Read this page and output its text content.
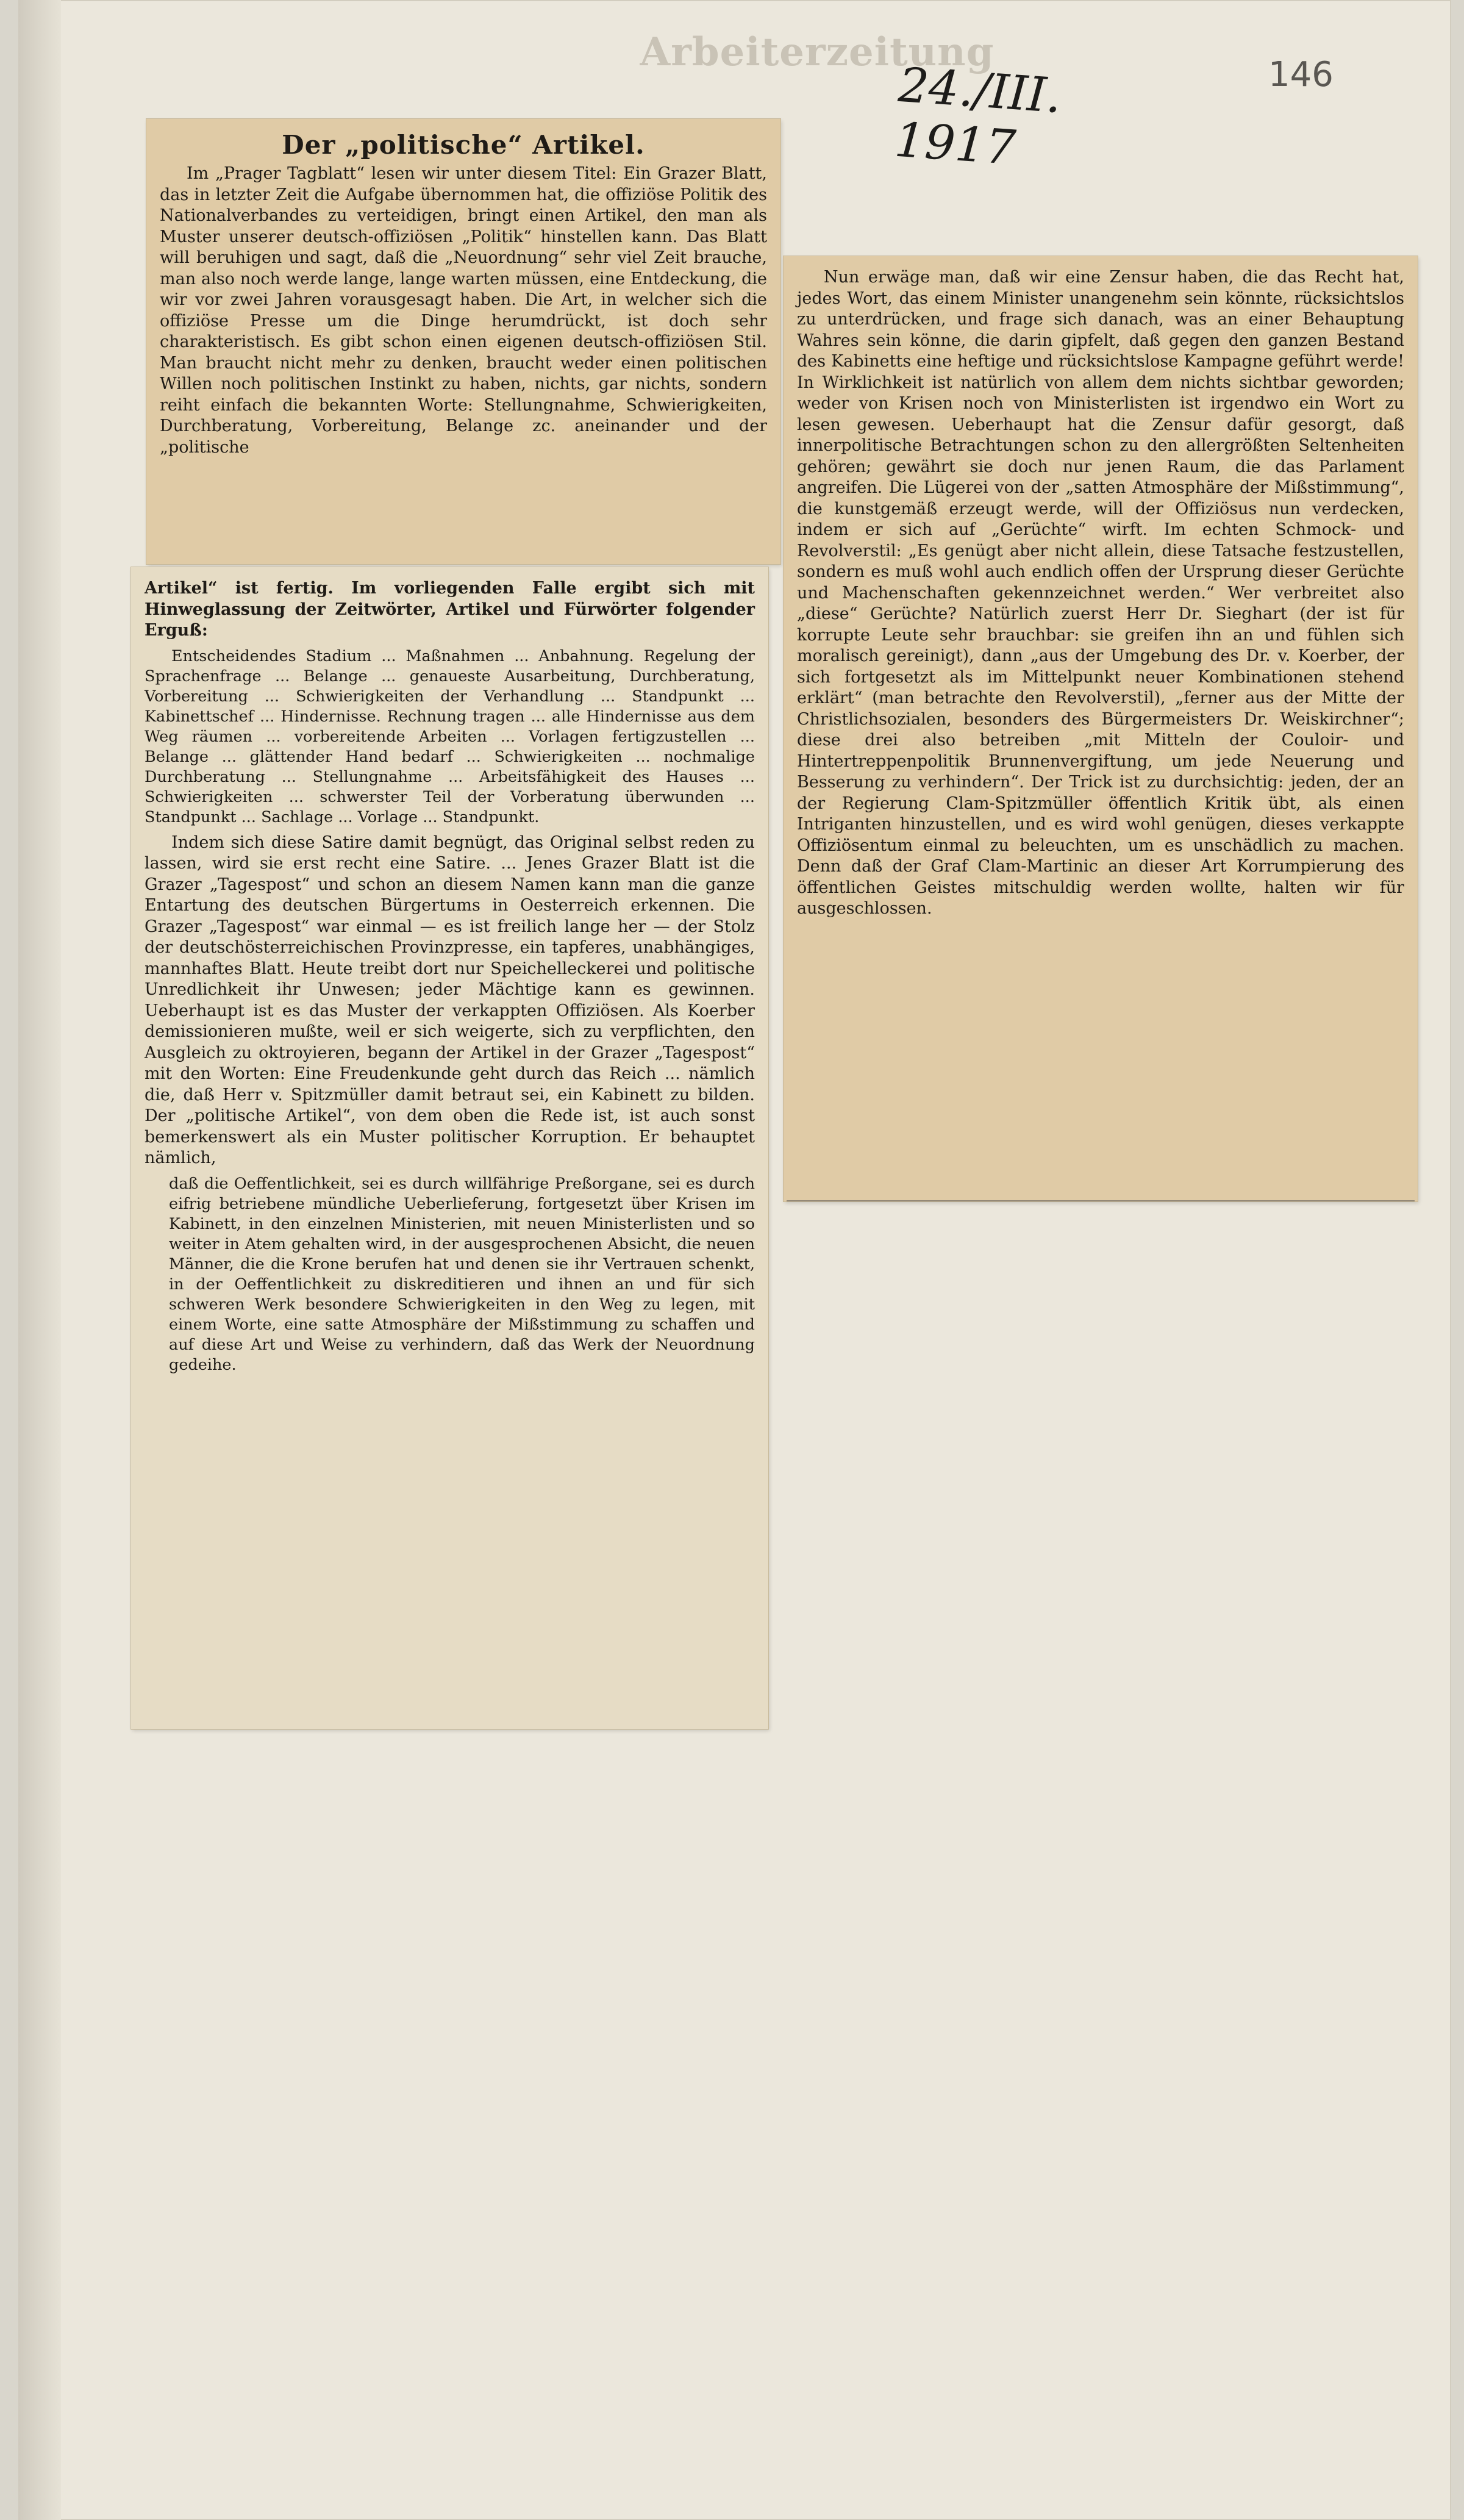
Arbeiterzeitung
24./III. 1917
146
Der „politische“ Artikel.

Im „Prager Tagblatt“ lesen wir unter diesem Titel: Ein Grazer Blatt, das in letzter Zeit die Aufgabe übernommen hat, die offiziöse Politik des Nationalverbandes zu verteidigen, bringt einen Artikel, den man als Muster unserer deutsch-offiziösen „Politik“ hinstellen kann. Das Blatt will beruhigen und sagt, daß die „Neuordnung“ sehr viel Zeit brauche, man also noch werde lange, lange warten müssen, eine Entdeckung, die wir vor zwei Jahren vorausgesagt haben. Die Art, in welcher sich die offiziöse Presse um die Dinge herumdrückt, ist doch sehr charakteristisch. Es gibt schon einen eigenen deutsch-offiziösen Stil. Man braucht nicht mehr zu denken, braucht weder einen politischen Willen noch politischen Instinkt zu haben, nichts, gar nichts, sondern reiht einfach die bekannten Worte: Stellungnahme, Schwierigkeiten, Durchberatung, Vorbereitung, Belange zc. aneinander und der „politische

Artikel“ ist fertig. Im vorliegenden Falle ergibt sich mit Hinweglassung der Zeitwörter, Artikel und Fürwörter folgender Erguß:

Entscheidendes Stadium ... Maßnahmen ... Anbahnung. Regelung der Sprachenfrage ... Belange ... genaueste Ausarbeitung, Durchberatung, Vorbereitung ... Schwierigkeiten der Verhandlung ... Standpunkt ... Kabinettschef ... Hindernisse. Rechnung tragen ... alle Hindernisse aus dem Weg räumen ... vorbereitende Arbeiten ... Vorlagen fertigzustellen ... Belange ... glättender Hand bedarf ... Schwierigkeiten ... nochmalige Durchberatung ... Stellungnahme ... Arbeitsfähigkeit des Hauses ... Schwierigkeiten ... schwerster Teil der Vorberatung überwunden ... Standpunkt ... Sachlage ... Vorlage ... Standpunkt.

Indem sich diese Satire damit begnügt, das Original selbst reden zu lassen, wird sie erst recht eine Satire. ... Jenes Grazer Blatt ist die Grazer „Tagespost“ und schon an diesem Namen kann man die ganze Entartung des deutschen Bürgertums in Oesterreich erkennen. Die Grazer „Tagespost“ war einmal — es ist freilich lange her — der Stolz der deutschösterreichischen Provinzpresse, ein tapferes, unabhängiges, mannhaftes Blatt. Heute treibt dort nur Speichelleckerei und politische Unredlichkeit ihr Unwesen; jeder Mächtige kann es gewinnen. Ueberhaupt ist es das Muster der verkappten Offiziösen. Als Koerber demissionieren mußte, weil er sich weigerte, sich zu verpflichten, den Ausgleich zu oktroyieren, begann der Artikel in der Grazer „Tagespost“ mit den Worten: Eine Freudenkunde geht durch das Reich ... nämlich die, daß Herr v. Spitzmüller damit betraut sei, ein Kabinett zu bilden. Der „politische Artikel“, von dem oben die Rede ist, ist auch sonst bemerkenswert als ein Muster politischer Korruption. Er behauptet nämlich,

daß die Oeffentlichkeit, sei es durch willfährige Preßorgane, sei es durch eifrig betriebene mündliche Ueberlieferung, fortgesetzt über Krisen im Kabinett, in den einzelnen Ministerien, mit neuen Ministerlisten und so weiter in Atem gehalten wird, in der ausgesprochenen Absicht, die neuen Männer, die die Krone berufen hat und denen sie ihr Vertrauen schenkt, in der Oeffentlichkeit zu diskreditieren und ihnen an und für sich schweren Werk besondere Schwierigkeiten in den Weg zu legen, mit einem Worte, eine satte Atmosphäre der Mißstimmung zu schaffen und auf diese Art und Weise zu verhindern, daß das Werk der Neuordnung gedeihe.

Nun erwäge man, daß wir eine Zensur haben, die das Recht hat, jedes Wort, das einem Minister unangenehm sein könnte, rücksichtslos zu unterdrücken, und frage sich danach, was an einer Behauptung Wahres sein könne, die darin gipfelt, daß gegen den ganzen Bestand des Kabinetts eine heftige und rücksichtslose Kampagne geführt werde! In Wirklichkeit ist natürlich von allem dem nichts sichtbar geworden; weder von Krisen noch von Ministerlisten ist irgendwo ein Wort zu lesen gewesen. Ueberhaupt hat die Zensur dafür gesorgt, daß innerpolitische Betrachtungen schon zu den allergrößten Seltenheiten gehören; gewährt sie doch nur jenen Raum, die das Parlament angreifen. Die Lügerei von der „satten Atmosphäre der Mißstimmung“, die kunstgemäß erzeugt werde, will der Offiziösus nun verdecken, indem er sich auf „Gerüchte“ wirft. Im echten Schmock- und Revolverstil: „Es genügt aber nicht allein, diese Tatsache festzustellen, sondern es muß wohl auch endlich offen der Ursprung dieser Gerüchte und Machenschaften gekennzeichnet werden.“ Wer verbreitet also „diese“ Gerüchte? Natürlich zuerst Herr Dr. Sieghart (der ist für korrupte Leute sehr brauchbar: sie greifen ihn an und fühlen sich moralisch gereinigt), dann „aus der Umgebung des Dr. v. Koerber, der sich fortgesetzt als im Mittelpunkt neuer Kombinationen stehend erklärt“ (man betrachte den Revolverstil), „ferner aus der Mitte der Christlichsozialen, besonders des Bürgermeisters Dr. Weiskirchner“; diese drei also betreiben „mit Mitteln der Couloir- und Hintertreppenpolitik Brunnenvergiftung, um jede Neuerung und Besserung zu verhindern“. Der Trick ist zu durchsichtig: jeden, der an der Regierung Clam-Spitzmüller öffentlich Kritik übt, als einen Intriganten hinzustellen, und es wird wohl genügen, dieses verkappte Offiziösentum einmal zu beleuchten, um es unschädlich zu machen. Denn daß der Graf Clam-Martinic an dieser Art Korrumpierung des öffentlichen Geistes mitschuldig werden wollte, halten wir für ausgeschlossen.
